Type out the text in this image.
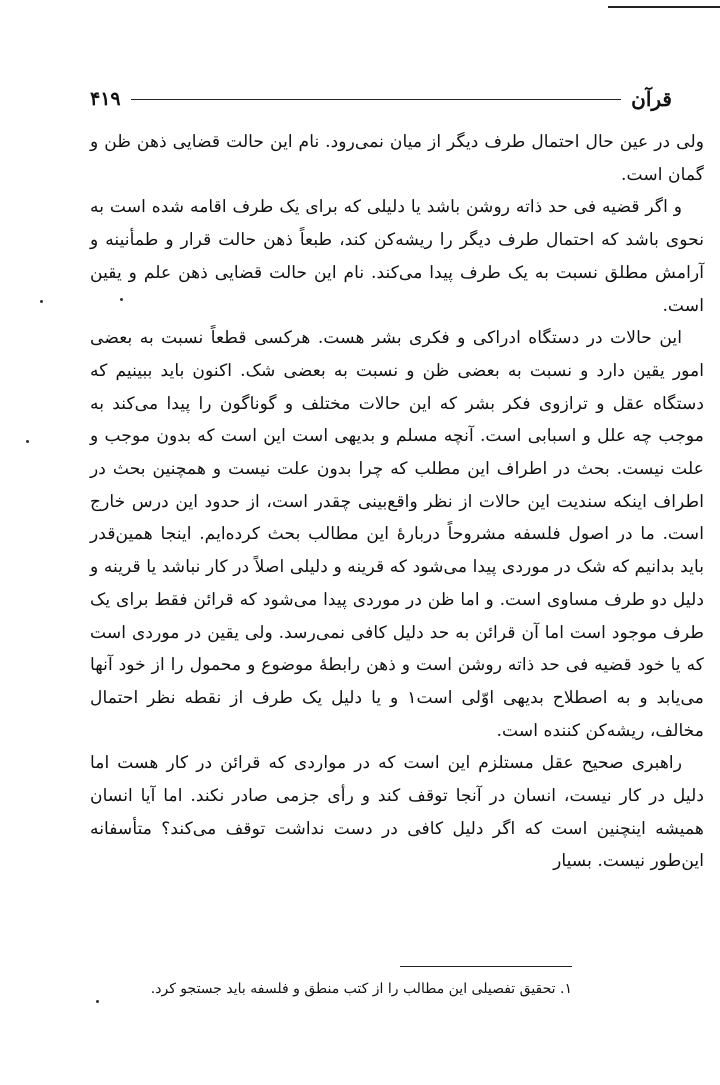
قرآن
۴۱۹

ولی در عین حال احتمال طرف دیگر از میان نمی‌رود. نام این حالت قضایی ذهن ظن و گمان است.

و اگر قضیه فی حد ذاته روشن باشد یا دلیلی که برای یک طرف اقامه شده است به نحوی باشد که احتمال طرف دیگر را ریشه‌کن کند، طبعاً ذهن حالت قرار و طمأنینه و آرامش مطلق نسبت به یک طرف پیدا می‌کند. نام این حالت قضایی ذهن علم و یقین است.

این حالات در دستگاه ادراکی و فکری بشر هست. هرکسی قطعاً نسبت به بعضی امور یقین دارد و نسبت به بعضی ظن و نسبت به بعضی شک. اکنون باید ببینیم که دستگاه عقل و ترازوی فکر بشر که این حالات مختلف و گوناگون را پیدا می‌کند به موجب چه علل و اسبابی است. آنچه مسلم و بدیهی است این است که بدون موجب و علت نیست. بحث در اطراف این مطلب که چرا بدون علت نیست و همچنین بحث در اطراف اینکه سندیت این حالات از نظر واقع‌بینی چقدر است، از حدود این درس خارج است. ما در اصول فلسفه مشروحاً دربارهٔ این مطالب بحث کرده‌ایم. اینجا همین‌قدر باید بدانیم که شک در موردی پیدا می‌شود که قرینه و دلیلی اصلاً در کار نباشد یا قرینه و دلیل دو طرف مساوی است. و اما ظن در موردی پیدا می‌شود که قرائن فقط برای یک طرف موجود است اما آن قرائن به حد دلیل کافی نمی‌رسد. ولی یقین در موردی است که یا خود قضیه فی حد ذاته روشن است و ذهن رابطهٔ موضوع و محمول را از خود آنها می‌یابد و به اصطلاح بدیهی اوّلی است۱ و یا دلیل یک طرف از نقطه نظر احتمال مخالف، ریشه‌کن کننده است.

راهبری صحیح عقل مستلزم این است که در مواردی که قرائن در کار هست اما دلیل در کار نیست، انسان در آنجا توقف کند و رأی جزمی صادر نکند. اما آیا انسان همیشه اینچنین است که اگر دلیل کافی در دست نداشت توقف می‌کند؟ متأسفانه این‌طور نیست. بسیار

۱. تحقیق تفصیلی این مطالب را از کتب منطق و فلسفه باید جستجو کرد.
